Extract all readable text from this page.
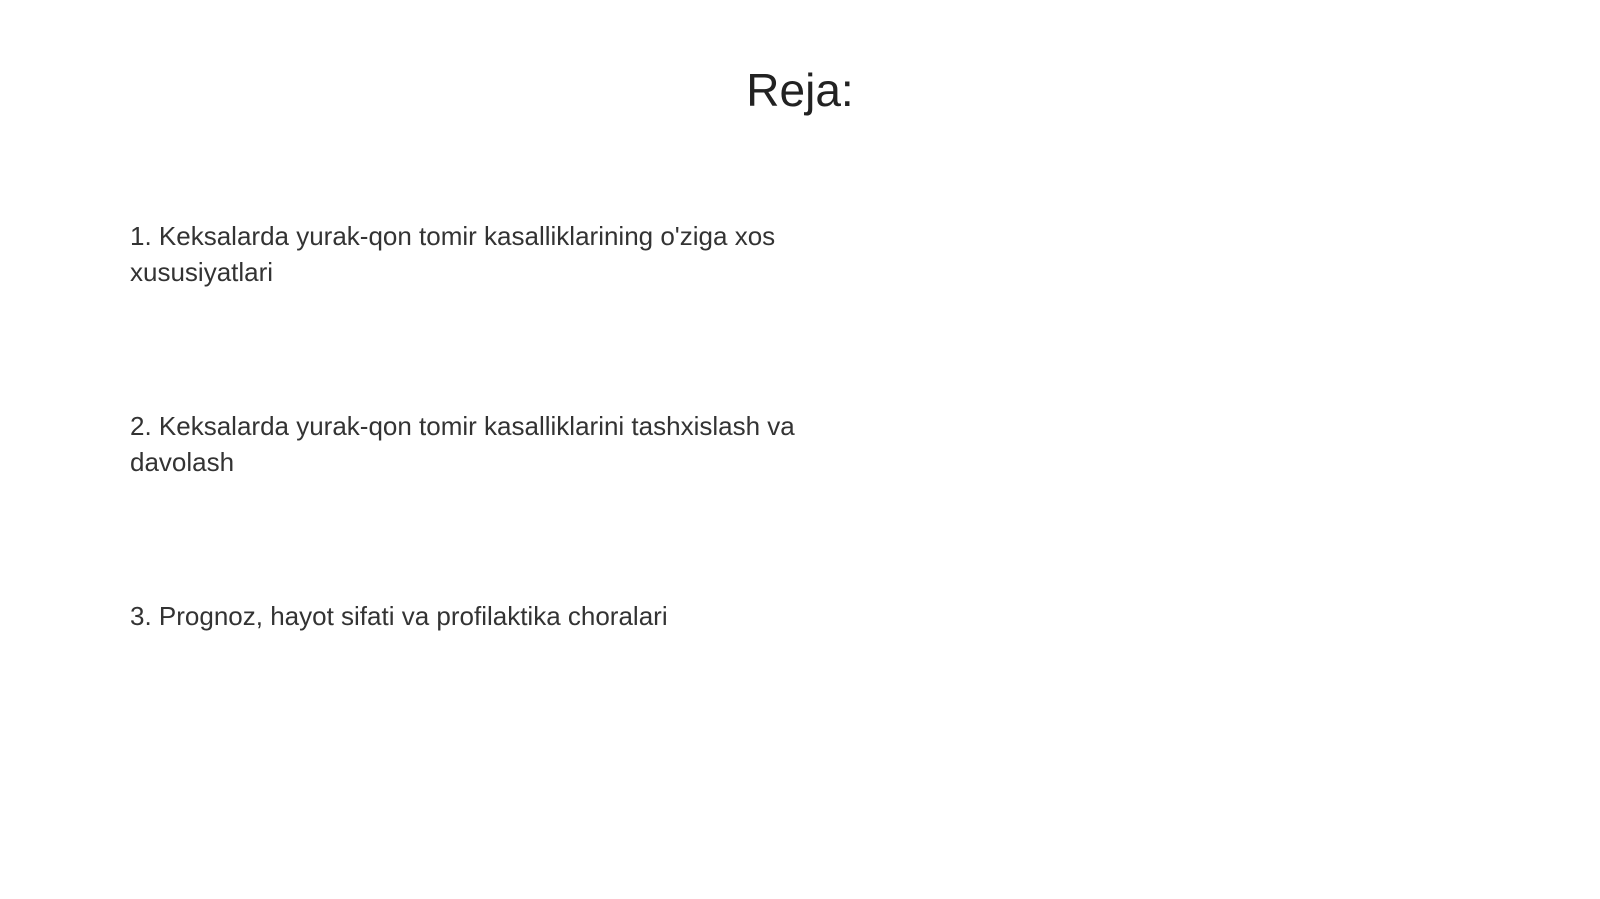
Reja:
1. Keksalarda yurak-qon tomir kasalliklarining o'ziga xos xususiyatlari
2. Keksalarda yurak-qon tomir kasalliklarini tashxislash va davolash
3. Prognoz, hayot sifati va profilaktika choralari
